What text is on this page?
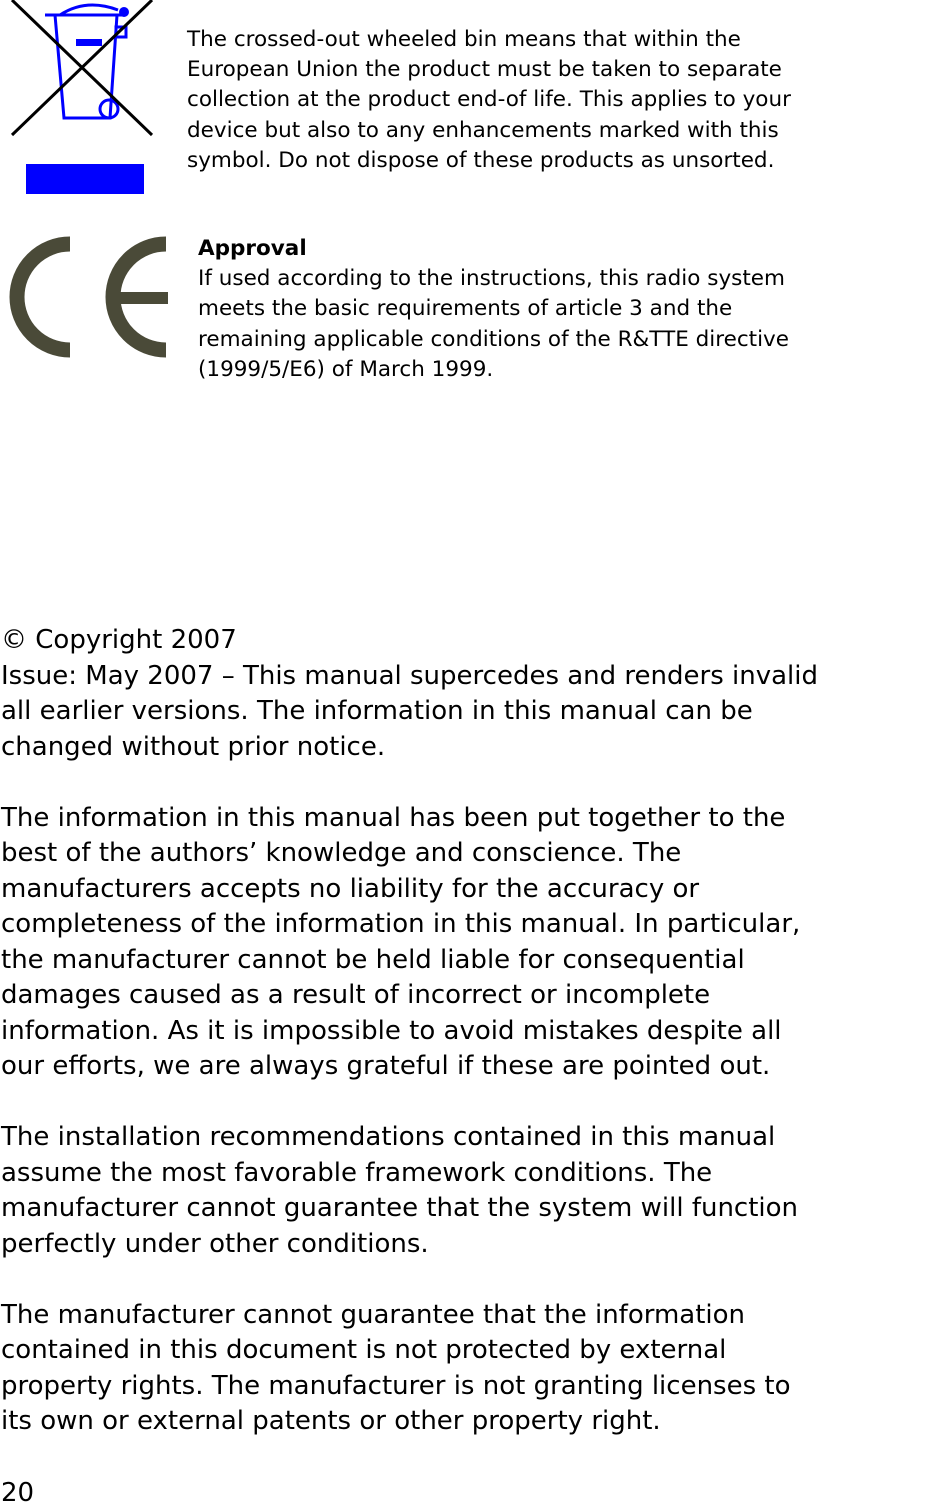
The crossed-out wheeled bin means that within the
European Union the product must be taken to separate
collection at the product end-of life. This applies to your
device but also to any enhancements marked with this
symbol. Do not dispose of these products as unsorted.
Approval
If used according to the instructions, this radio system
meets the basic requirements of article 3 and the
remaining applicable conditions of the R&TTE directive
(1999/5/E6) of March 1999.

© Copyright 2007
Issue: May 2007 – This manual supercedes and renders invalid
all earlier versions. The information in this manual can be
changed without prior notice.

The information in this manual has been put together to the
best of the authors’ knowledge and conscience. The
manufacturers accepts no liability for the accuracy or
completeness of the information in this manual. In particular,
the manufacturer cannot be held liable for consequential
damages caused as a result of incorrect or incomplete
information. As it is impossible to avoid mistakes despite all
our efforts, we are always grateful if these are pointed out.

The installation recommendations contained in this manual
assume the most favorable framework conditions. The
manufacturer cannot guarantee that the system will function
perfectly under other conditions.

The manufacturer cannot guarantee that the information
contained in this document is not protected by external
property rights. The manufacturer is not granting licenses to
its own or external patents or other property right.

20
